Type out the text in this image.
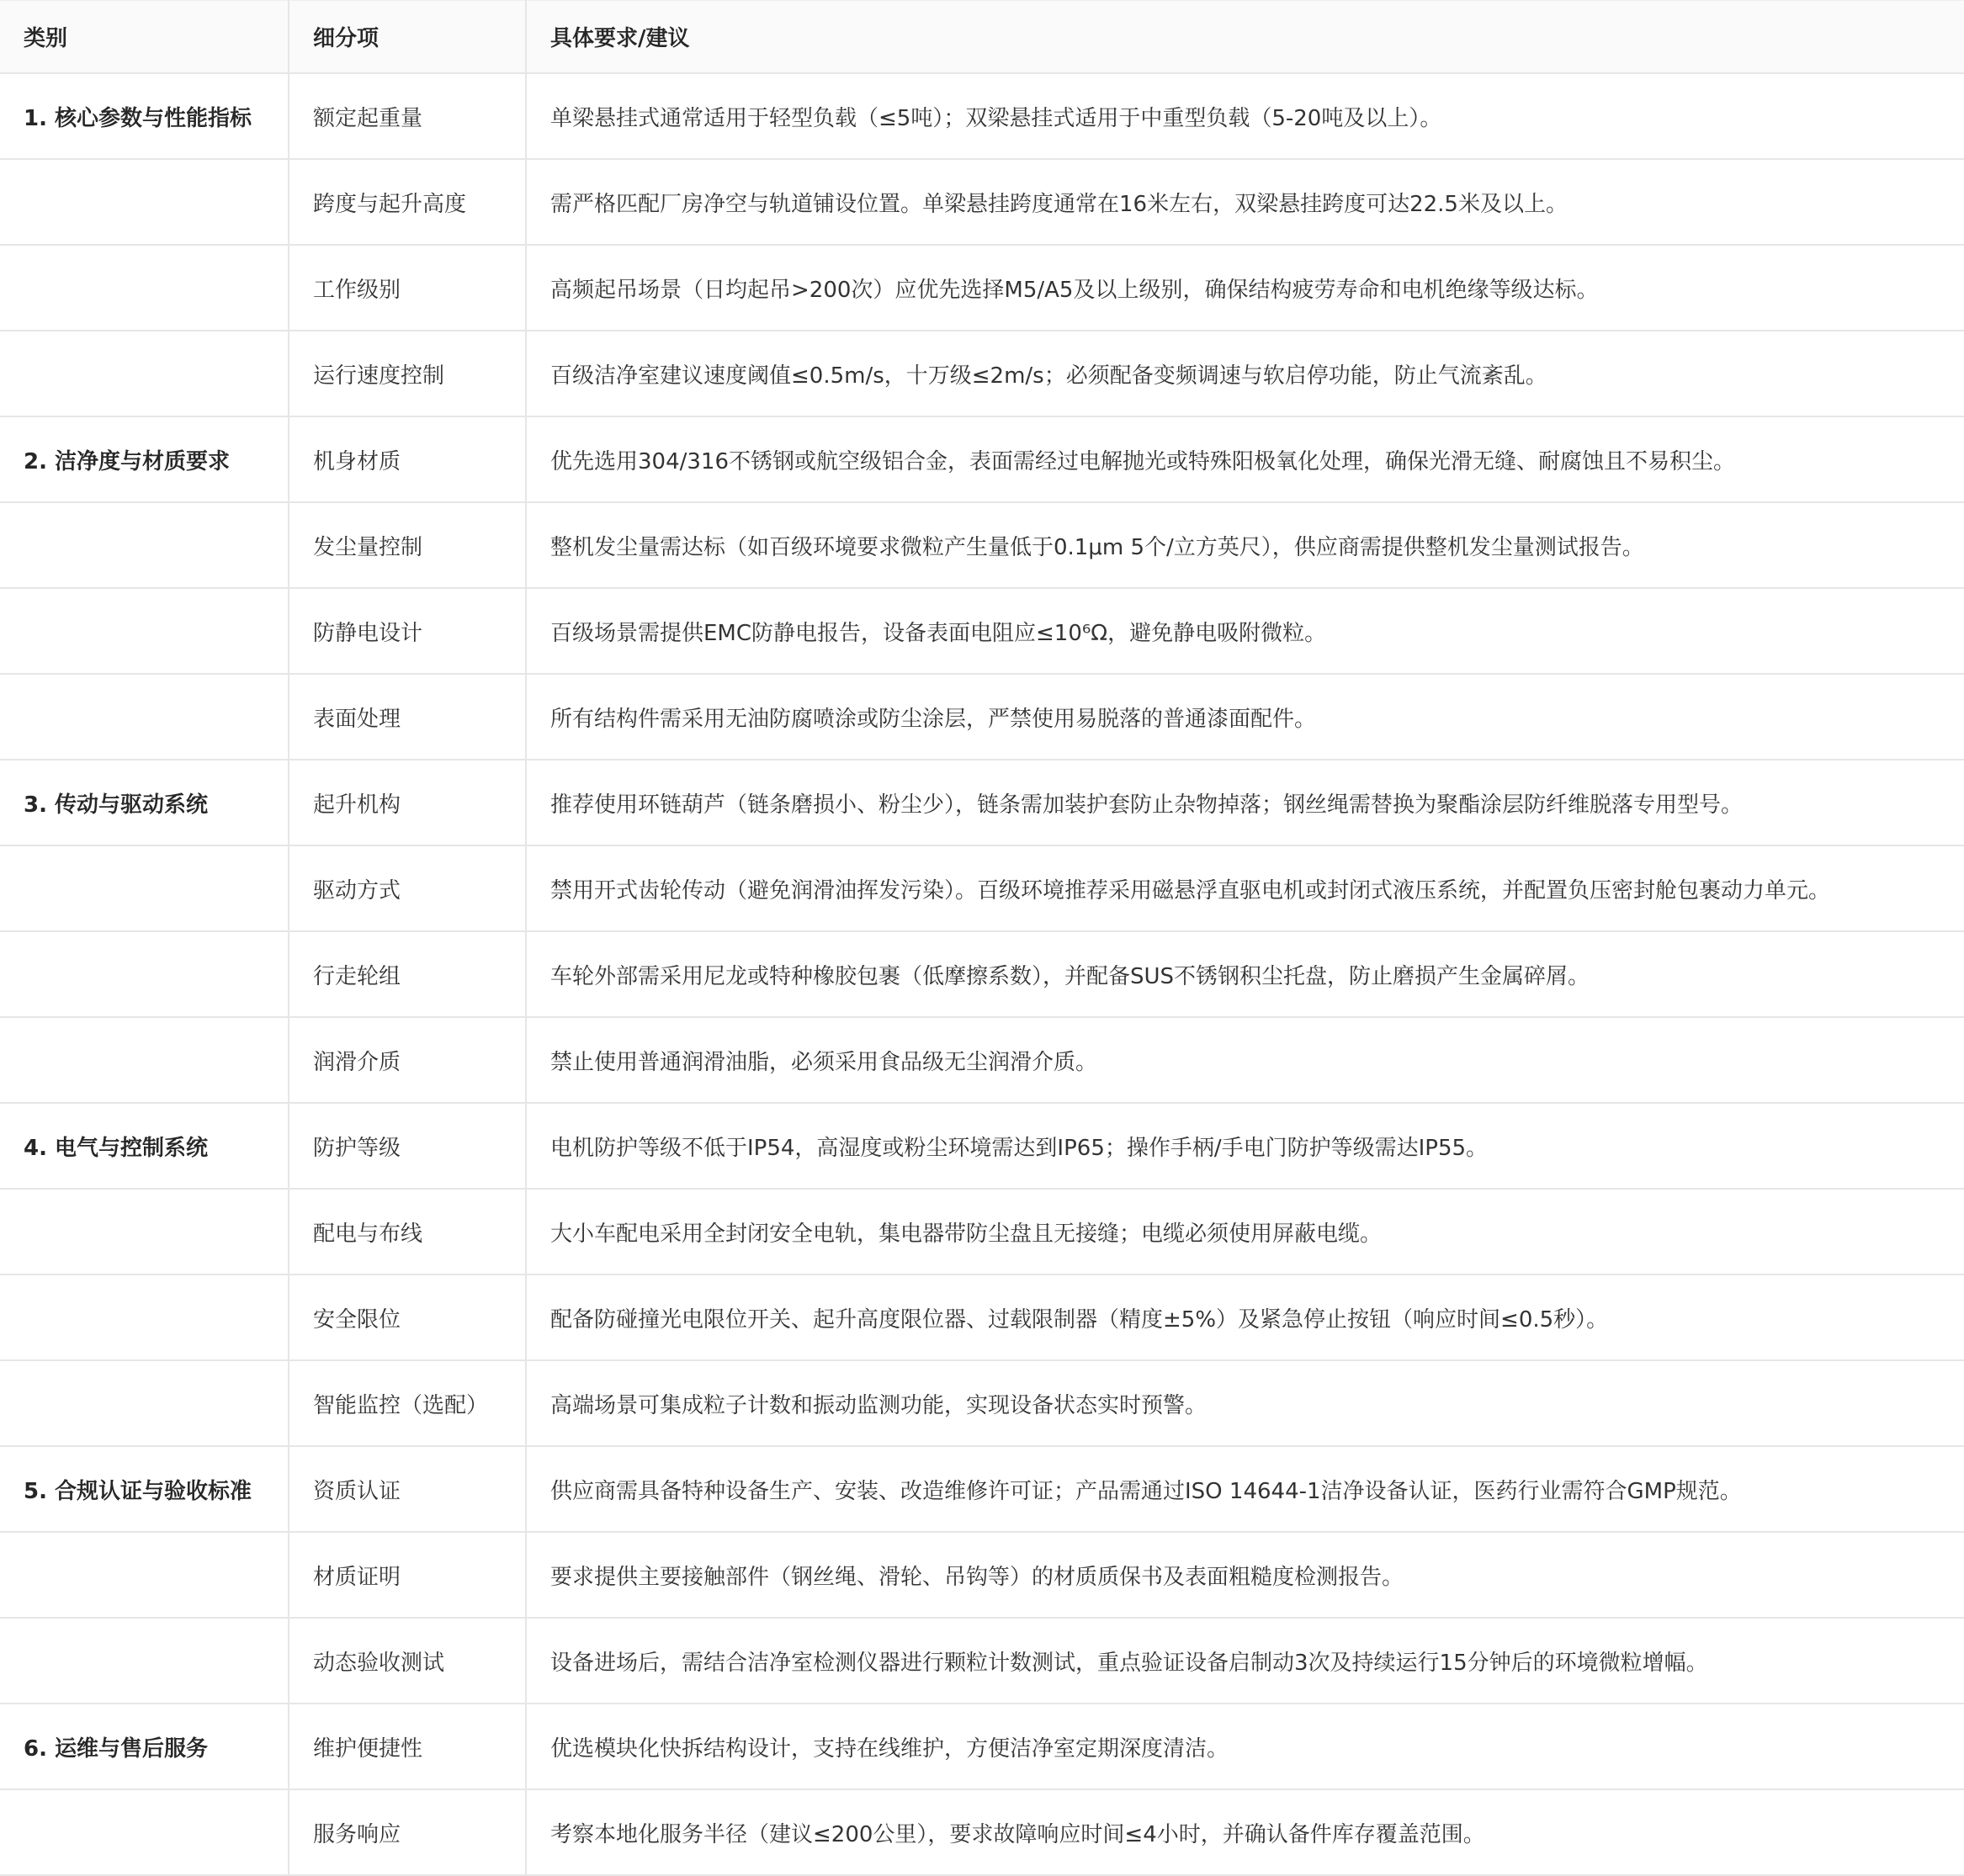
类别	细分项	具体要求/建议
1. 核心参数与性能指标	额定起重量	单梁悬挂式通常适用于轻型负载（≤5吨）；双梁悬挂式适用于中重型负载（5-20吨及以上）。
	跨度与起升高度	需严格匹配厂房净空与轨道铺设位置。单梁悬挂跨度通常在16米左右，双梁悬挂跨度可达22.5米及以上。
	工作级别	高频起吊场景（日均起吊>200次）应优先选择M5/A5及以上级别，确保结构疲劳寿命和电机绝缘等级达标。
	运行速度控制	百级洁净室建议速度阈值≤0.5m/s，十万级≤2m/s；必须配备变频调速与软启停功能，防止气流紊乱。
2. 洁净度与材质要求	机身材质	优先选用304/316不锈钢或航空级铝合金，表面需经过电解抛光或特殊阳极氧化处理，确保光滑无缝、耐腐蚀且不易积尘。
	发尘量控制	整机发尘量需达标（如百级环境要求微粒产生量低于0.1μm 5个/立方英尺），供应商需提供整机发尘量测试报告。
	防静电设计	百级场景需提供EMC防静电报告，设备表面电阻应≤10⁶Ω，避免静电吸附微粒。
	表面处理	所有结构件需采用无油防腐喷涂或防尘涂层，严禁使用易脱落的普通漆面配件。
3. 传动与驱动系统	起升机构	推荐使用环链葫芦（链条磨损小、粉尘少），链条需加装护套防止杂物掉落；钢丝绳需替换为聚酯涂层防纤维脱落专用型号。
	驱动方式	禁用开式齿轮传动（避免润滑油挥发污染）。百级环境推荐采用磁悬浮直驱电机或封闭式液压系统，并配置负压密封舱包裹动力单元。
	行走轮组	车轮外部需采用尼龙或特种橡胶包裹（低摩擦系数），并配备SUS不锈钢积尘托盘，防止磨损产生金属碎屑。
	润滑介质	禁止使用普通润滑油脂，必须采用食品级无尘润滑介质。
4. 电气与控制系统	防护等级	电机防护等级不低于IP54，高湿度或粉尘环境需达到IP65；操作手柄/手电门防护等级需达IP55。
	配电与布线	大小车配电采用全封闭安全电轨，集电器带防尘盘且无接缝；电缆必须使用屏蔽电缆。
	安全限位	配备防碰撞光电限位开关、起升高度限位器、过载限制器（精度±5%）及紧急停止按钮（响应时间≤0.5秒）。
	智能监控（选配）	高端场景可集成粒子计数和振动监测功能，实现设备状态实时预警。
5. 合规认证与验收标准	资质认证	供应商需具备特种设备生产、安装、改造维修许可证；产品需通过ISO 14644-1洁净设备认证，医药行业需符合GMP规范。
	材质证明	要求提供主要接触部件（钢丝绳、滑轮、吊钩等）的材质质保书及表面粗糙度检测报告。
	动态验收测试	设备进场后，需结合洁净室检测仪器进行颗粒计数测试，重点验证设备启制动3次及持续运行15分钟后的环境微粒增幅。
6. 运维与售后服务	维护便捷性	优选模块化快拆结构设计，支持在线维护，方便洁净室定期深度清洁。
	服务响应	考察本地化服务半径（建议≤200公里），要求故障响应时间≤4小时，并确认备件库存覆盖范围。
